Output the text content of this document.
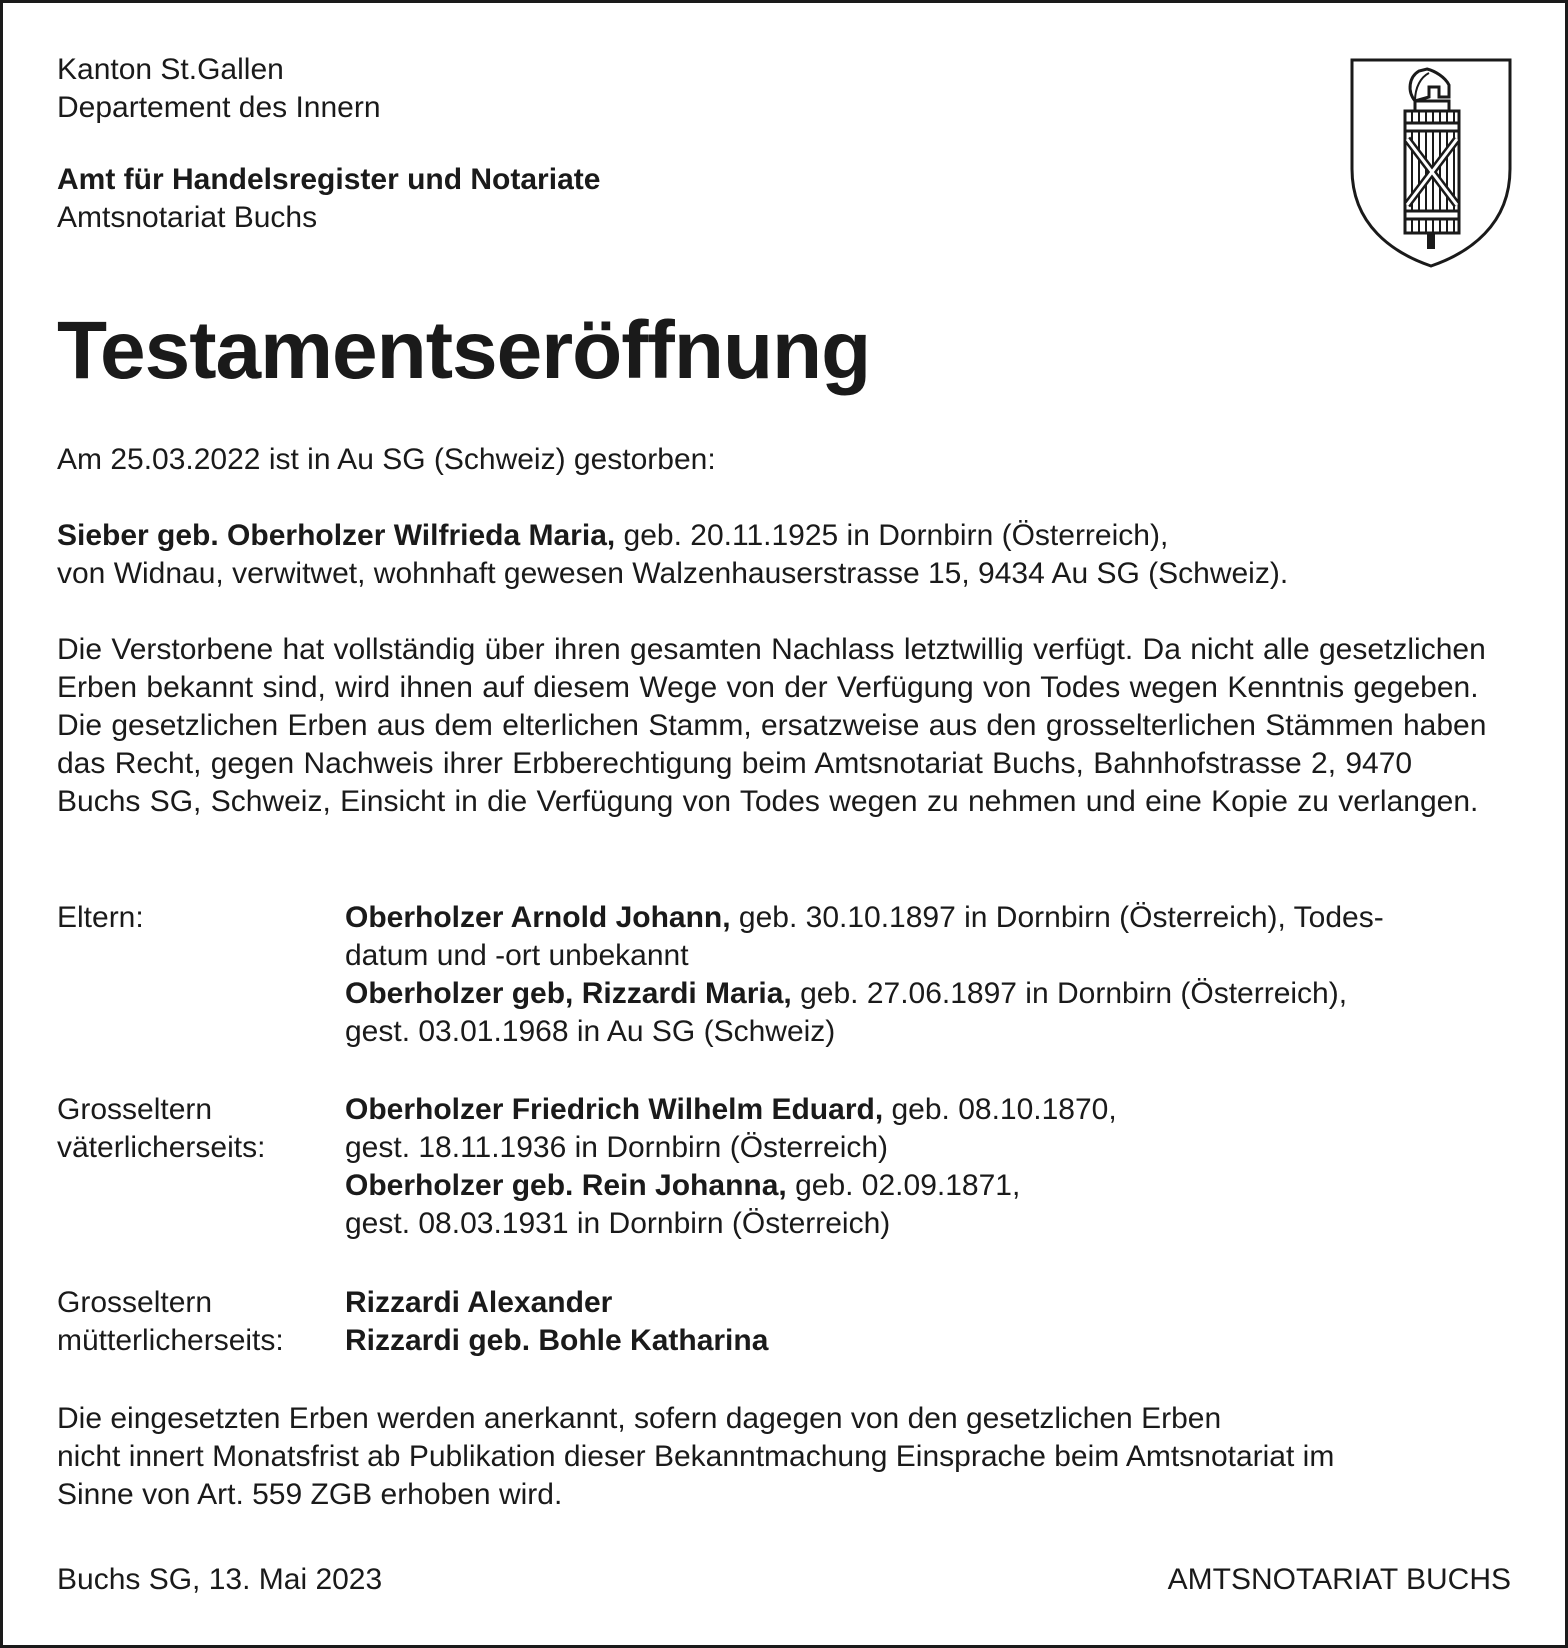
Kanton St.Gallen
Departement des Innern
Amt für Handelsregister und Notariate
Amtsnotariat Buchs
Testamentseröffnung

Am 25.03.2022 ist in Au SG (Schweiz) gestorben:

Sieber geb. Oberholzer Wilfrieda Maria, geb. 20.11.1925 in Dornbirn (Österreich),

von Widnau, verwitwet, wohnhaft gewesen Walzenhauserstrasse 15, 9434 Au SG (Schweiz).

Die Verstorbene hat vollständig über ihren gesamten Nachlass letztwillig verfügt. Da nicht alle gesetzlichen Erben bekannt sind, wird ihnen auf diesem Wege von der Verfügung von Todes wegen Kenntnis gegeben. Die gesetzlichen Erben aus dem elterlichen Stamm, ersatzweise aus den grosselterlichen Stämmen haben das Recht, gegen Nachweis ihrer Erbberechtigung beim Amtsnotariat Buchs, Bahnhofstrasse 2, 9470 Buchs SG, Schweiz, Einsicht in die Verfügung von Todes wegen zu nehmen und eine Kopie zu verlangen.

Eltern:	Oberholzer Arnold Johann, geb. 30.10.1897 in Dornbirn (Österreich), Todes-
datum und -ort unbekannt
Oberholzer geb, Rizzardi Maria, geb. 27.06.1897 in Dornbirn (Österreich),
gest. 03.01.1968 in Au SG (Schweiz)
Grosseltern
väterlicherseits:
Oberholzer Friedrich Wilhelm Eduard, geb. 08.10.1870,
gest. 18.11.1936 in Dornbirn (Österreich)
Oberholzer geb. Rein Johanna, geb. 02.09.1871,
gest. 08.03.1931 in Dornbirn (Österreich)
Grosseltern
mütterlicherseits:
Rizzardi Alexander
Rizzardi geb. Bohle Katharina

Die eingesetzten Erben werden anerkannt, sofern dagegen von den gesetzlichen Erben

nicht innert Monatsfrist ab Publikation dieser Bekanntmachung Einsprache beim Amtsnotariat im

Sinne von Art. 559 ZGB erhoben wird.

Buchs SG, 13. Mai 2023	AMTSNOTARIAT BUCHS
